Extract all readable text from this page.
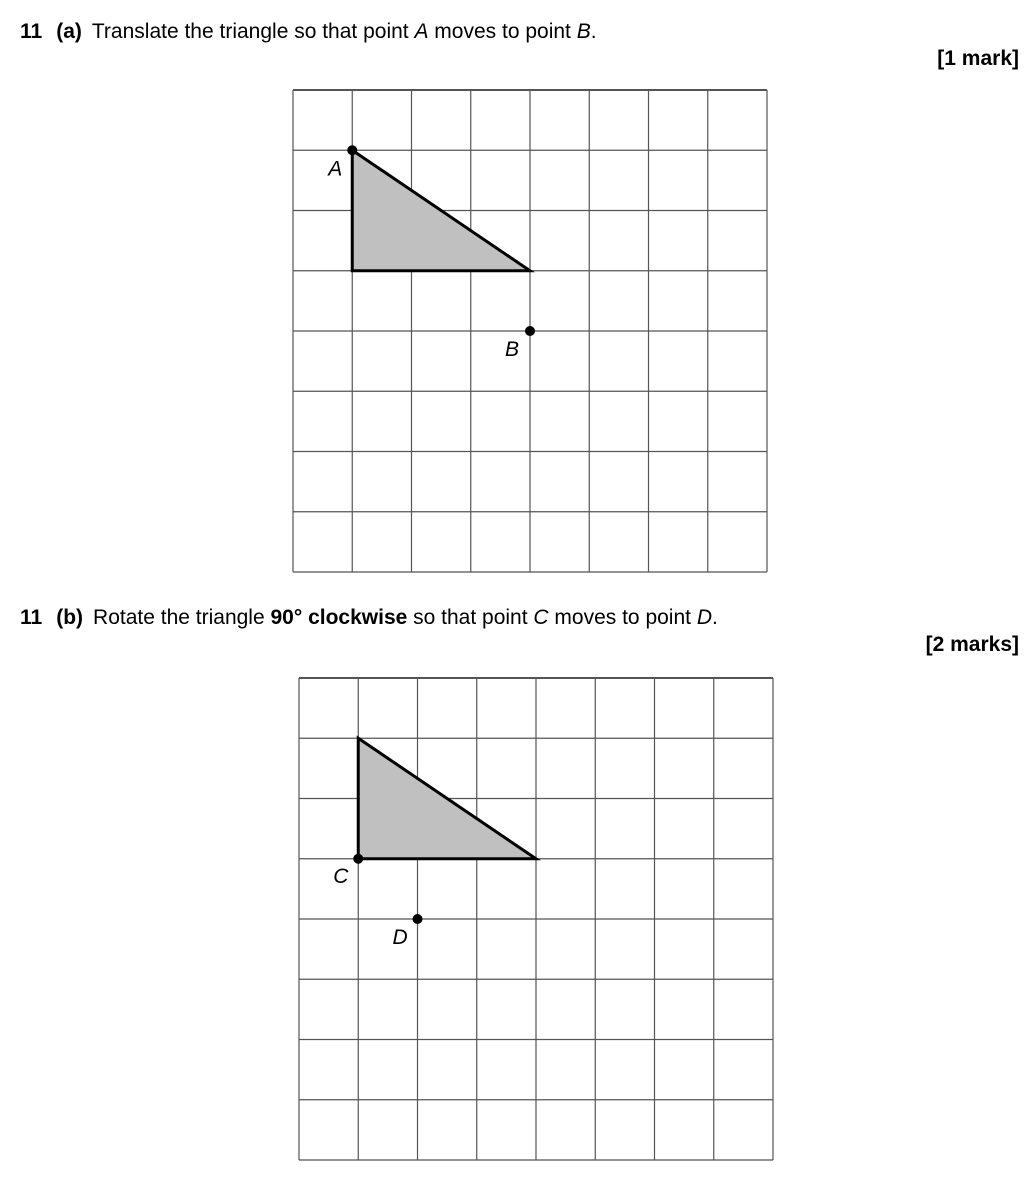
11 (a) Translate the triangle so that point A moves to point B.
[1 mark]
A
B
11 (b) Rotate the triangle 90° clockwise so that point C moves to point D.
[2 marks]
C
D
